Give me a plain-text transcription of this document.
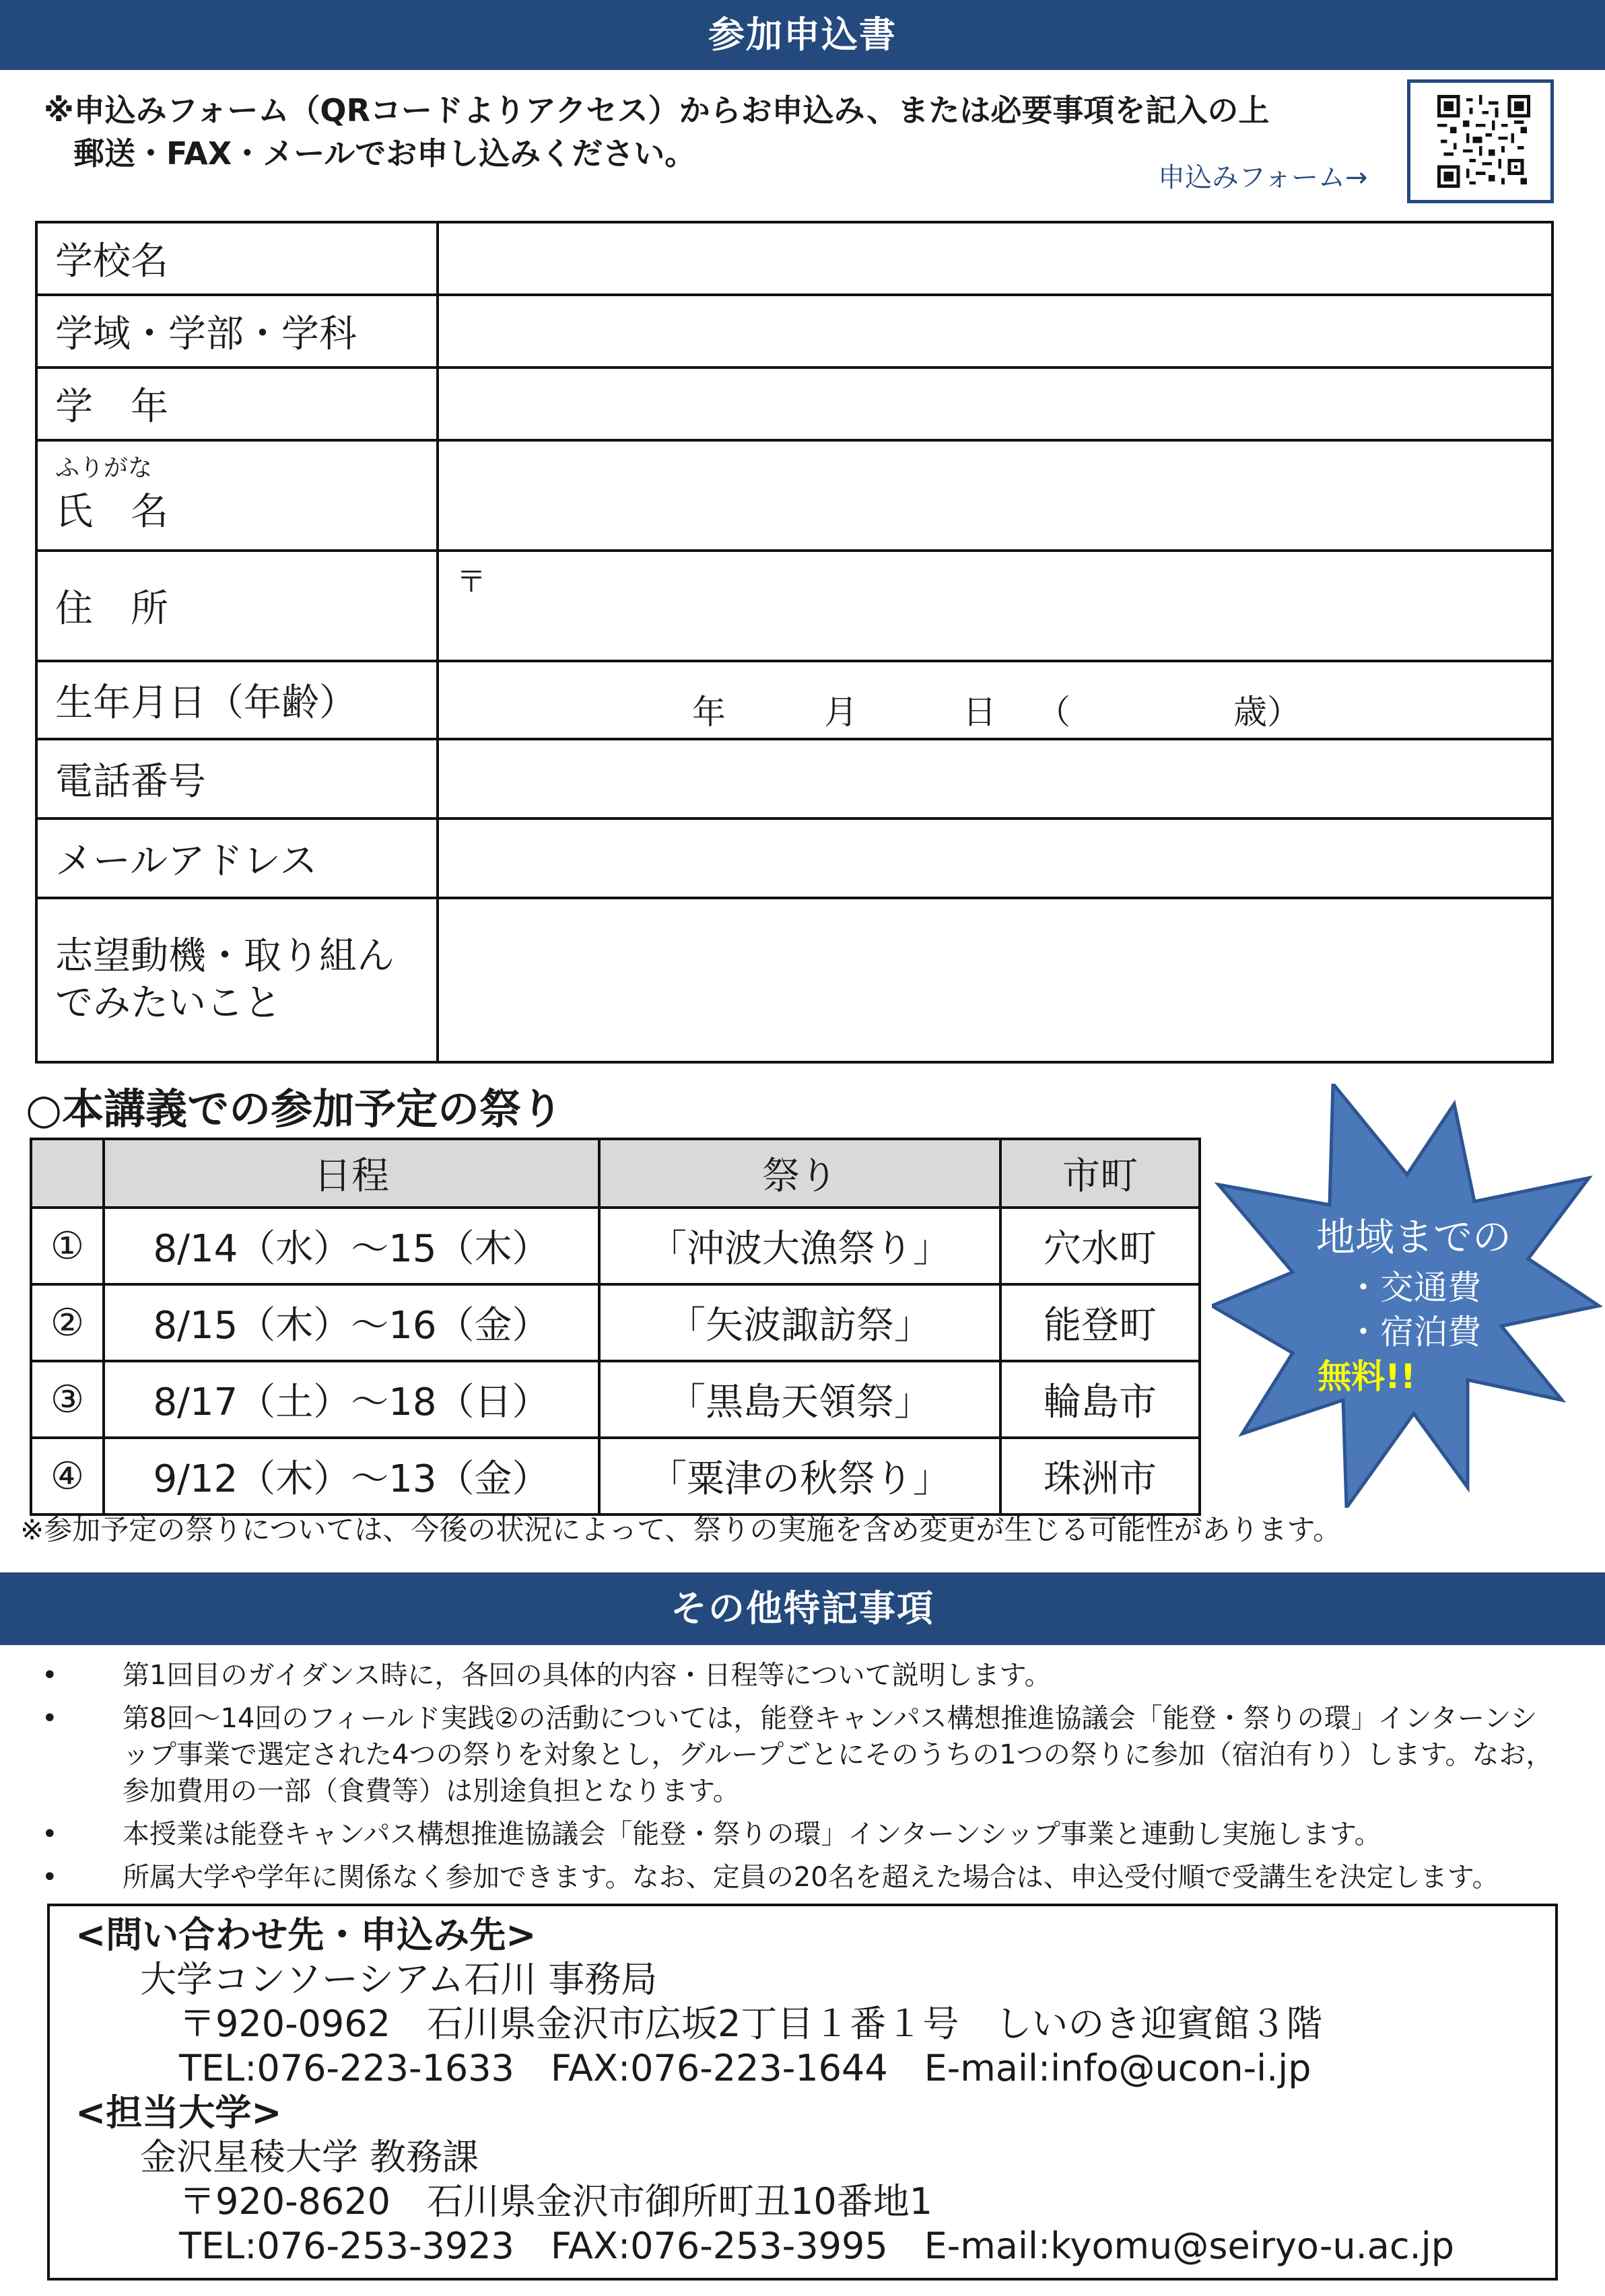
参加申込書
※申込みフォーム（QRコードよりアクセス）からお申込み、または必要事項を記入の上
郵送・FAX・メールでお申し込みください。
申込みフォーム→
学校名	
学域・学部・学科	
学　年	

ふりがな
氏　名	
住　所	〒
生年月日（年齢）	年 月 日 （ 歳）

電話番号	
メールアドレス	

志望動機・取り組ん
でみたいこと	

○本講義での参加予定の祭り
	日程	祭り	市町
①	8/14（水）～15（木）	「沖波大漁祭り」	穴水町
②	8/15（木）～16（金）	「矢波諏訪祭」	能登町
③	8/17（土）～18（日）	「黒島天領祭」	輪島市
④	9/12（木）～13（金）	「粟津の秋祭り」	珠洲市
地域までの
・交通費
・宿泊費
無料!!
※参加予定の祭りについては、今後の状況によって、祭りの実施を含め変更が生じる可能性があります。
その他特記事項
• 第1回目のガイダンス時に，各回の具体的内容・日程等について説明します。
• 第8回～14回のフィールド実践②の活動については，能登キャンパス構想推進協議会「能登・祭りの環」インターンシップ事業で選定された4つの祭りを対象とし，グループごとにそのうちの1つの祭りに参加（宿泊有り）します。なお，参加費用の一部（食費等）は別途負担となります。
• 本授業は能登キャンパス構想推進協議会「能登・祭りの環」インターンシップ事業と連動し実施します。
• 所属大学や学年に関係なく参加できます。なお、定員の20名を超えた場合は、申込受付順で受講生を決定します。
<問い合わせ先・申込み先>
大学コンソーシアム石川 事務局
〒920-0962　石川県金沢市広坂2丁目１番１号　しいのき迎賓館３階
TEL:076-223-1633　FAX:076-223-1644　E-mail:info@ucon-i.jp
<担当大学>
金沢星稜大学 教務課
〒920-8620　石川県金沢市御所町丑10番地1
TEL:076-253-3923　FAX:076-253-3995　E-mail:kyomu@seiryo-u.ac.jp
